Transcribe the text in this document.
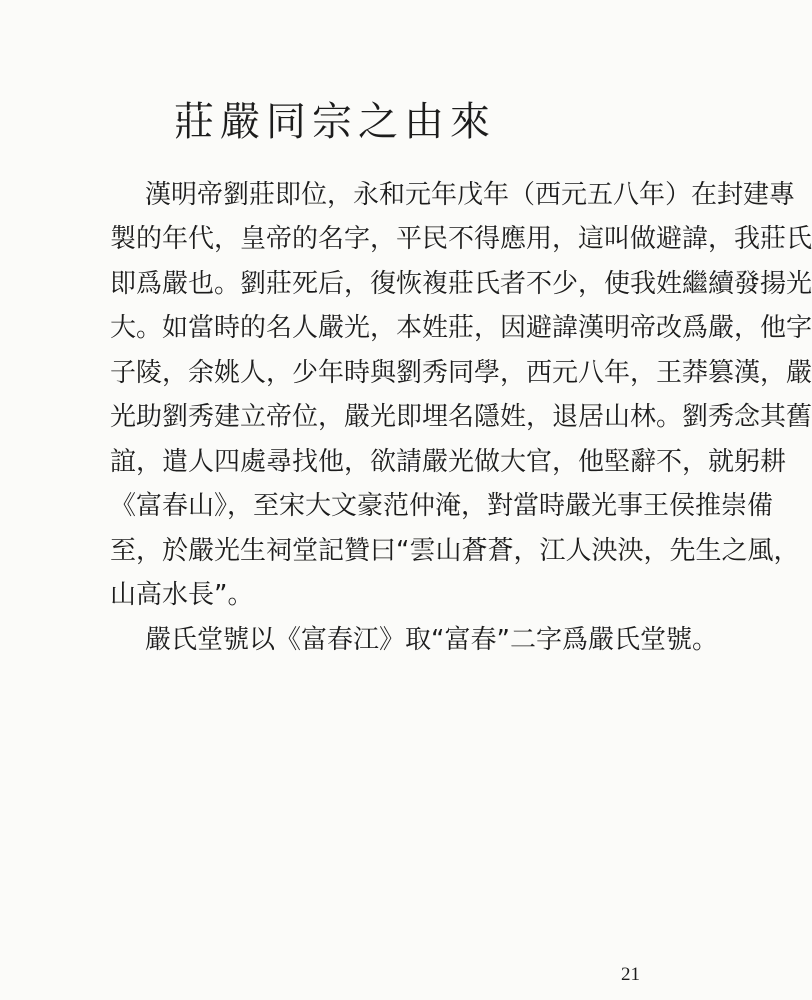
莊嚴同宗之由來
漢明帝劉莊即位，永和元年戊年（西元五八年）在封建專
製的年代，皇帝的名字，平民不得應用，這叫做避諱，我莊氏
即爲嚴也。劉莊死后，復恢複莊氏者不少，使我姓繼續發揚光
大。如當時的名人嚴光，本姓莊，因避諱漢明帝改爲嚴，他字
子陵，余姚人，少年時與劉秀同學，西元八年，王莽篡漢，嚴
光助劉秀建立帝位，嚴光即埋名隱姓，退居山林。劉秀念其舊
誼，遣人四處尋找他，欲請嚴光做大官，他堅辭不，就躬耕
《富春山》，至宋大文豪范仲淹，對當時嚴光事王侯推崇備
至，於嚴光生祠堂記贊曰“雲山蒼蒼，江人泱泱，先生之風，
山高水長”。
嚴氏堂號以《富春江》取“富春”二字爲嚴氏堂號。
21
